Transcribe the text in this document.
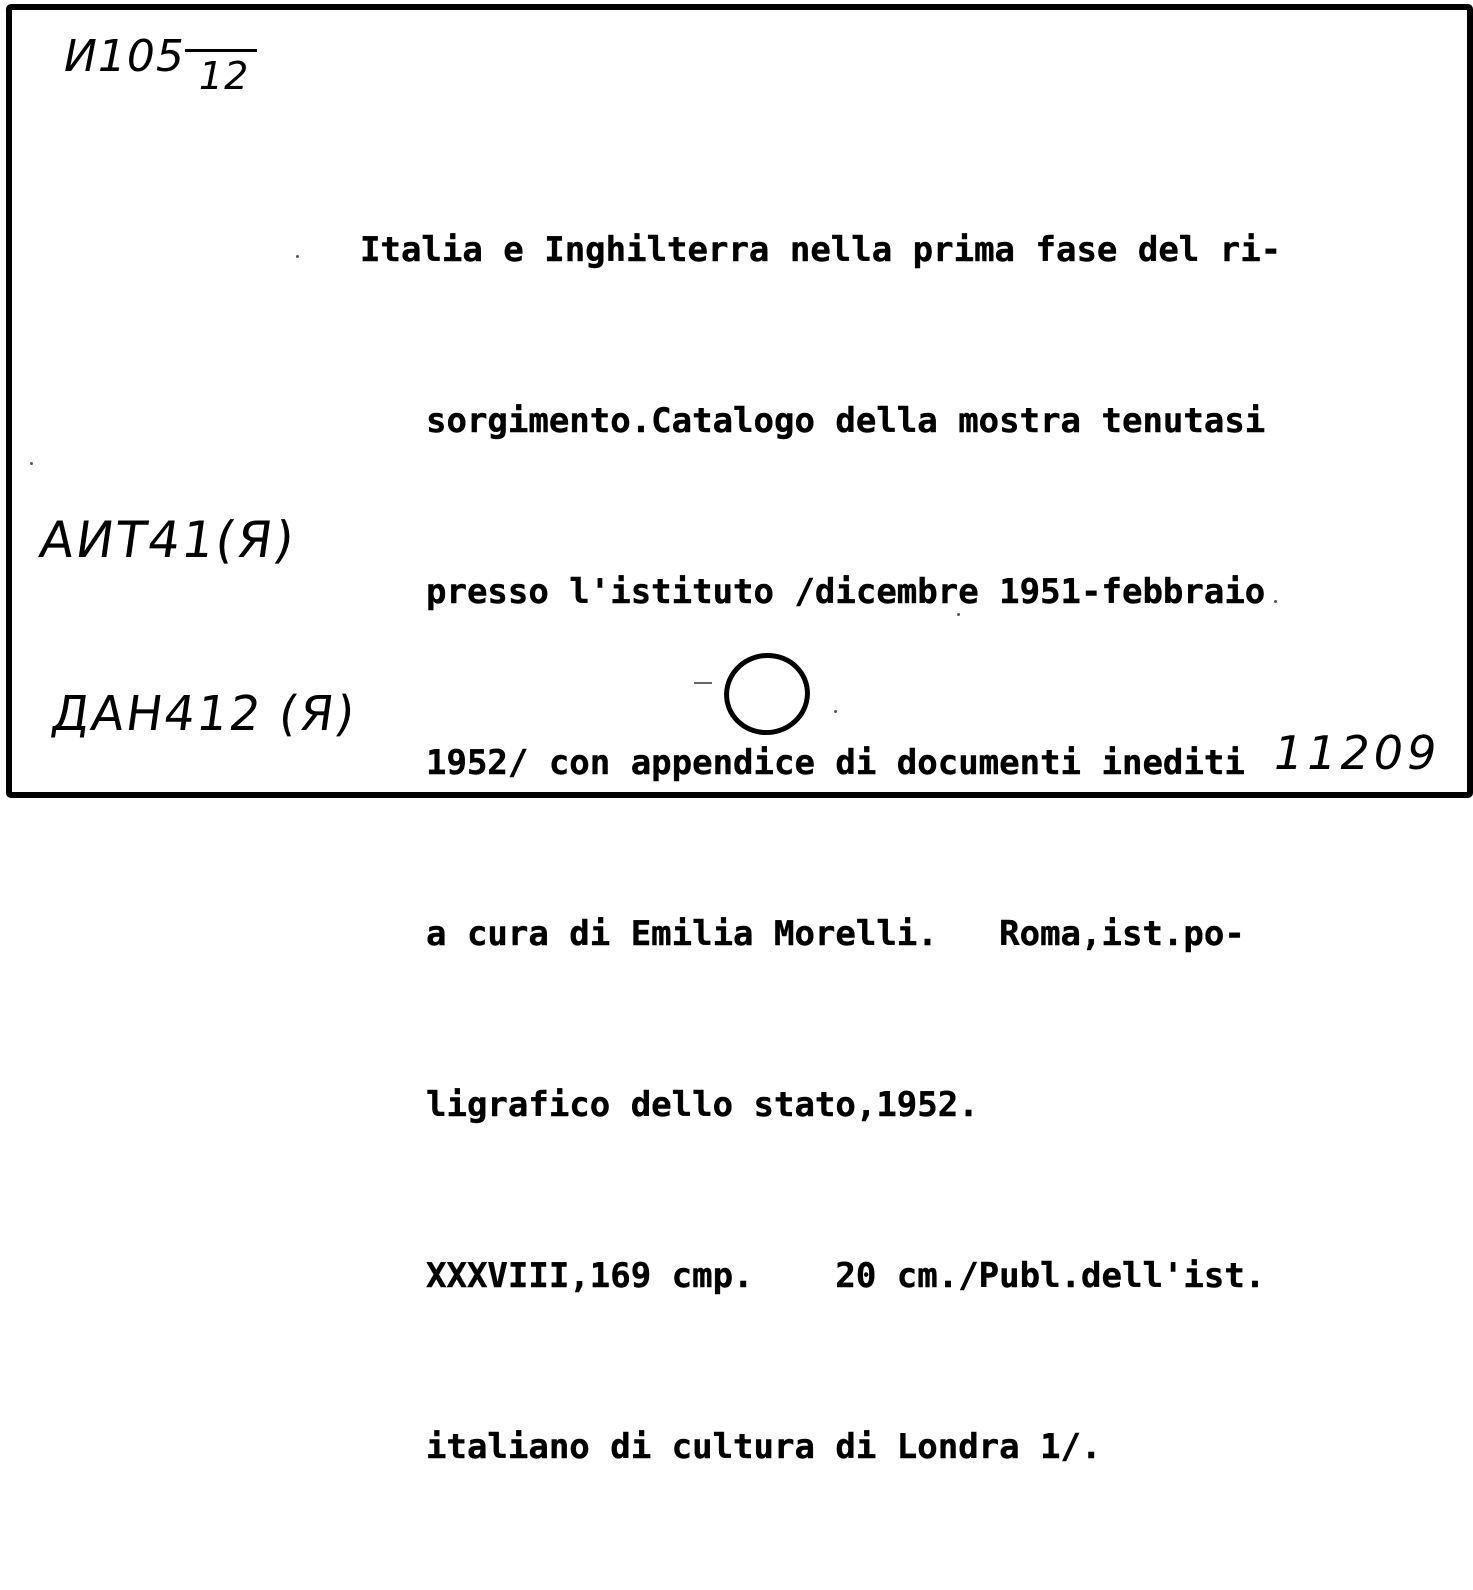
И105 12

Italia e Inghilterra nella prima fase del ri-

sorgimento.Catalogo della mostra tenutasi

presso l'istituto /dicembre 1951-febbraio

1952/ con appendice di documenti inediti

a cura di Emilia Morelli.   Roma,ist.po-

ligrafico dello stato,1952.

XXXVIII,169 cmp.    20 cm./Publ.dell'ist.

italiano di cultura di Londra 1/.

АИТ41(Я)
ДАН412 (Я)
11209
